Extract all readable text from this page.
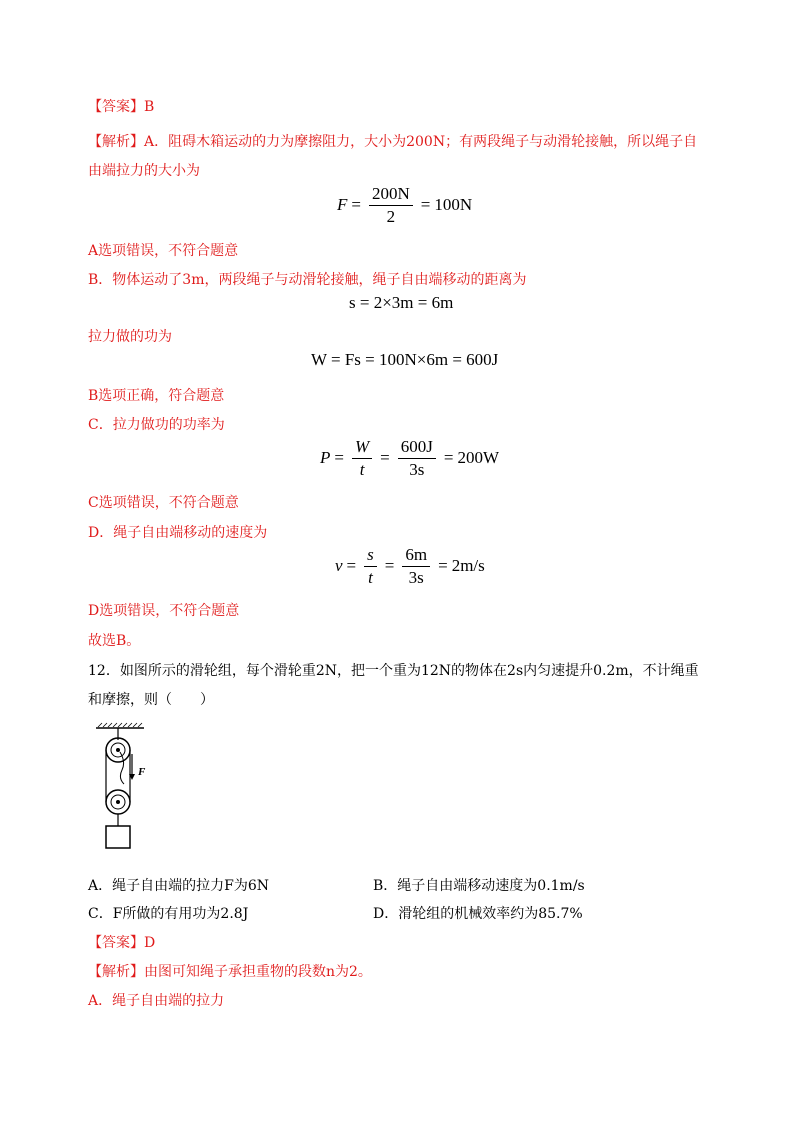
【答案】B
【解析】A．阻碍木箱运动的力为摩擦阻力，大小为200N；有两段绳子与动滑轮接触，所以绳子自
由端拉力的大小为
$F = \frac{200N}{2} = 100N$
A选项错误，不符合题意
B．物体运动了3m，两段绳子与动滑轮接触，绳子自由端移动的距离为
s = 2×3m = 6m
拉力做的功为
W = Fs = 100N×6m = 600J
B选项正确，符合题意
C．拉力做功的功率为
$P = \frac{W}{t} = \frac{600J}{3s} = 200W$
C选项错误，不符合题意
D．绳子自由端移动的速度为
$v = \frac{s}{t} = \frac{6m}{3s} = 2m/s$
D选项错误，不符合题意
故选B。
12．如图所示的滑轮组，每个滑轮重2N，把一个重为12N的物体在2s内匀速提升0.2m，不计绳重
和摩擦，则（　　）
F
A．绳子自由端的拉力F为6N	B．绳子自由端移动速度为0.1m/s
C．F所做的有用功为2.8J	D．滑轮组的机械效率约为85.7%
【答案】D
【解析】由图可知绳子承担重物的段数n为2。
A．绳子自由端的拉力
